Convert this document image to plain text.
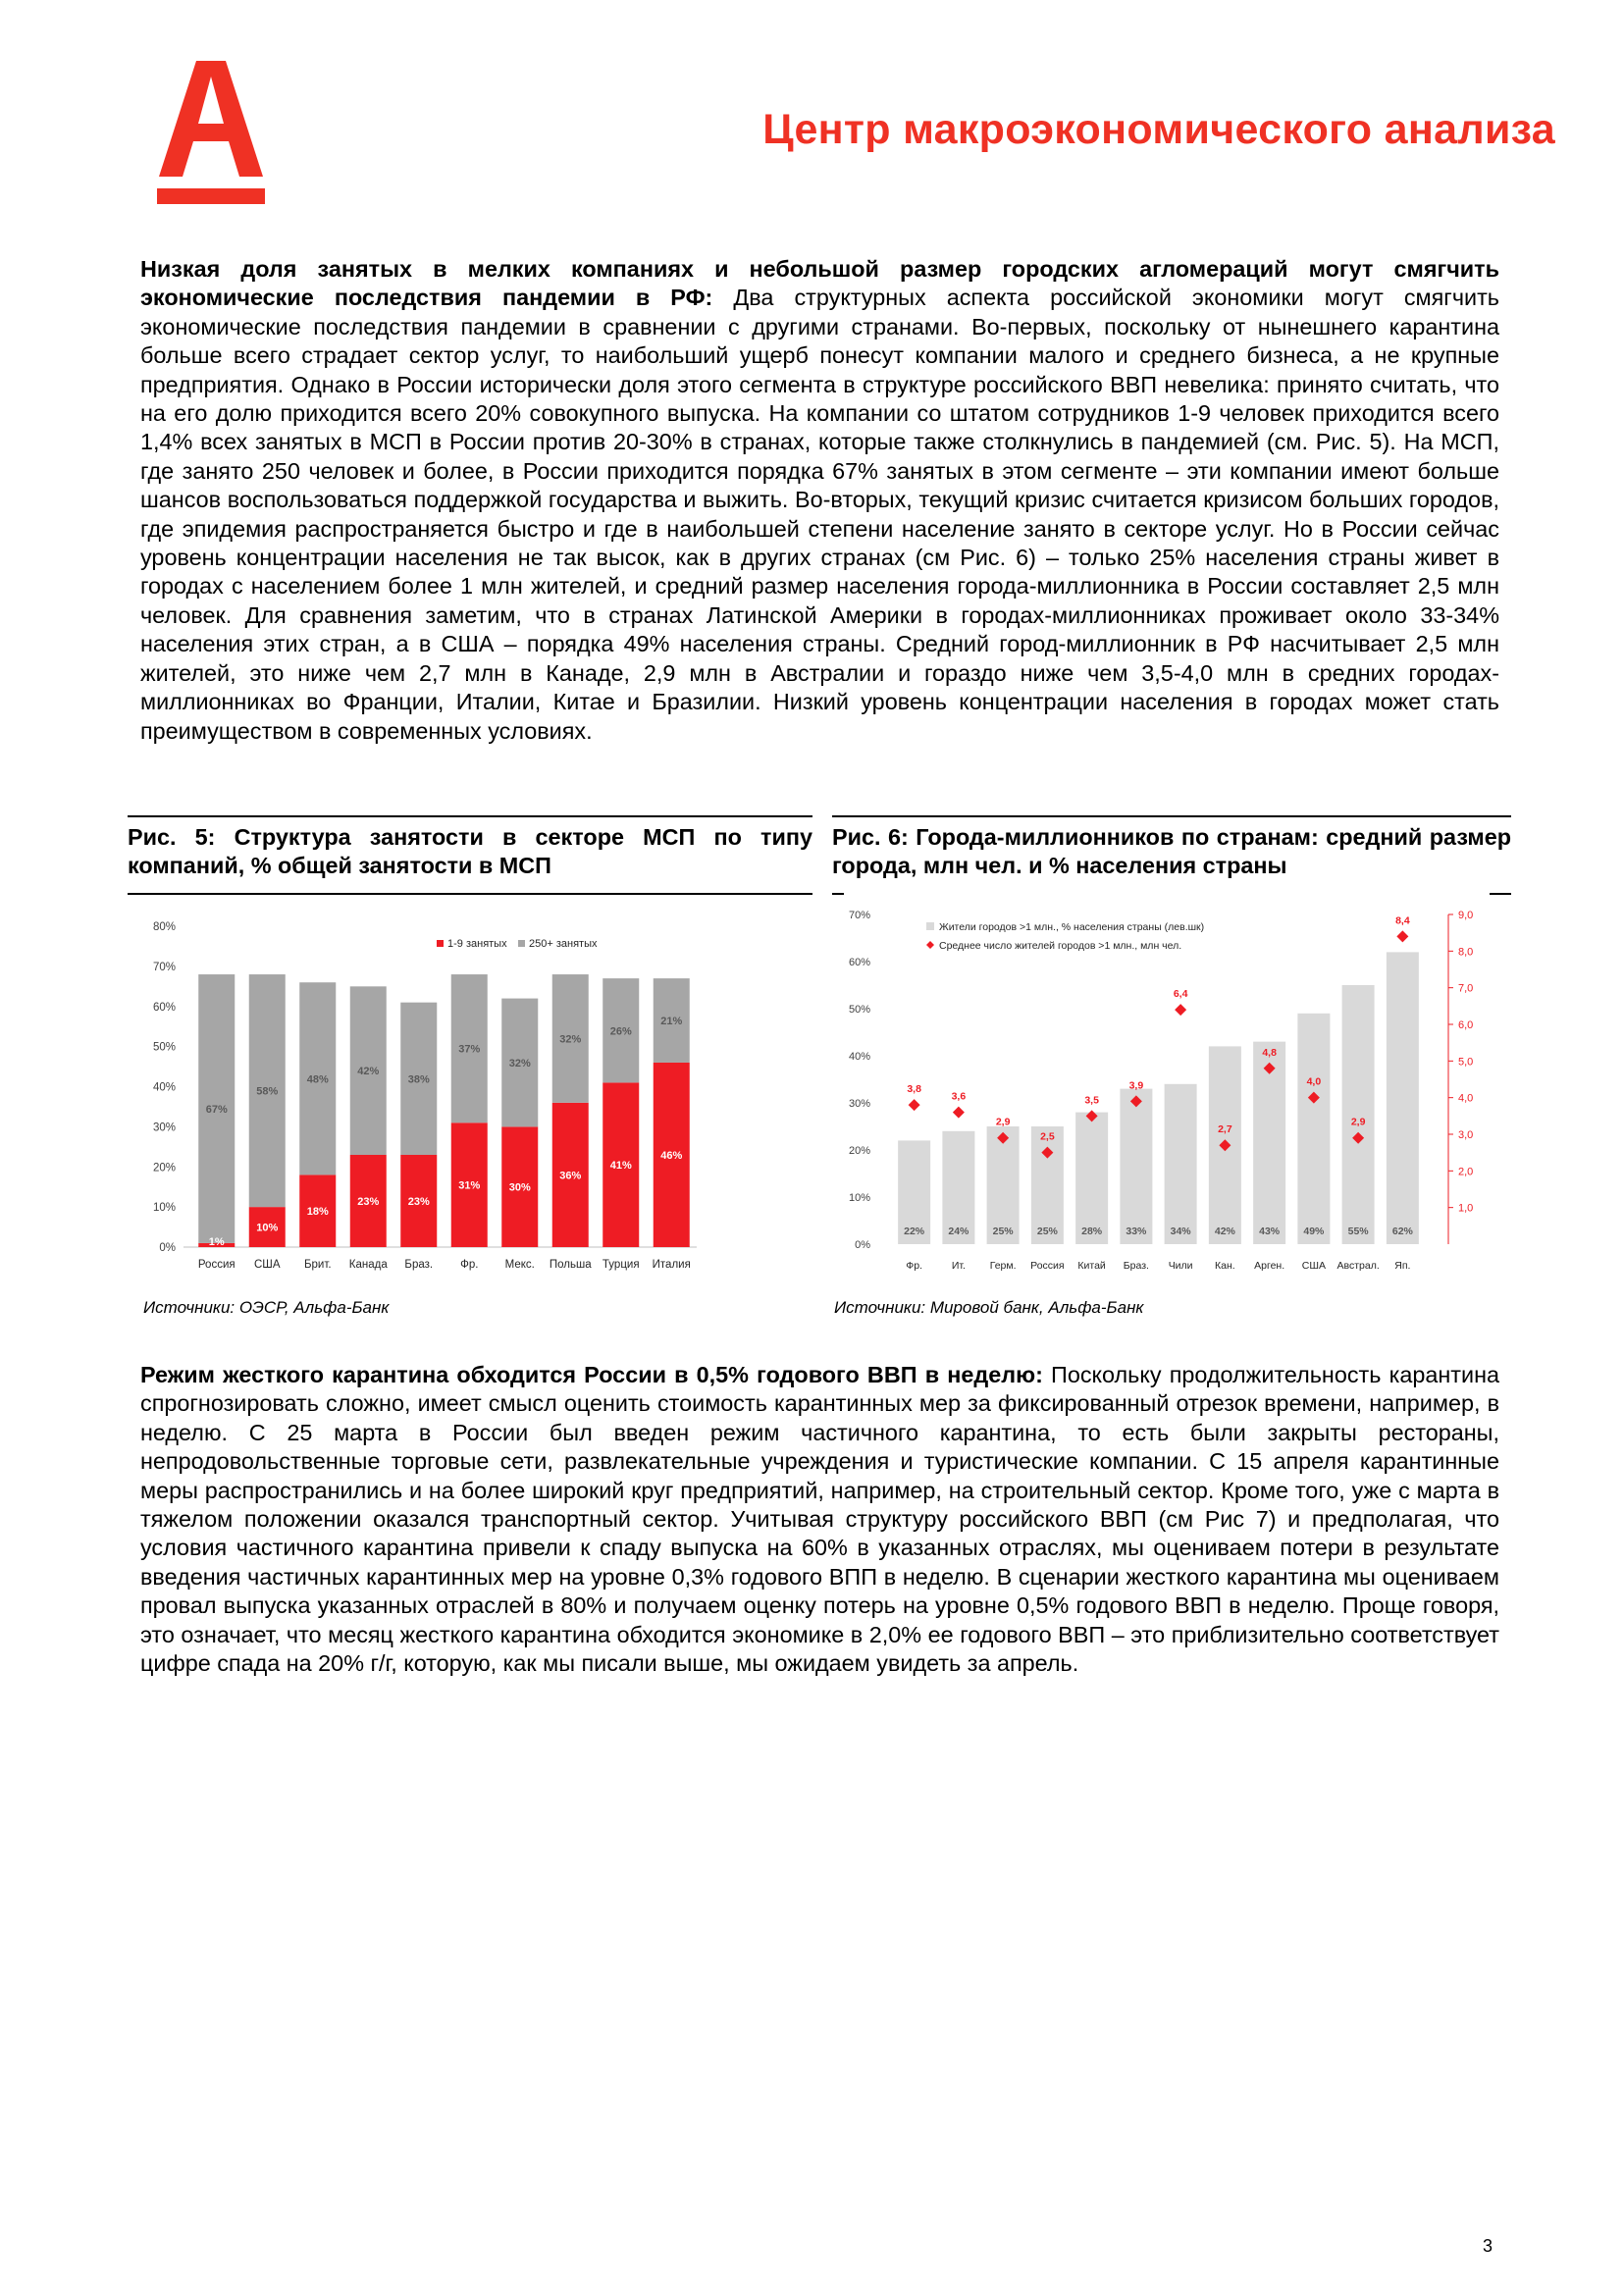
Центр макроэкономического анализа
Низкая доля занятых в мелких компаниях и небольшой размер городских агломераций могут смягчить экономические последствия пандемии в РФ: Два структурных аспекта российской экономики могут смягчить экономические последствия пандемии в сравнении с другими странами. Во-первых, поскольку от нынешнего карантина больше всего страдает сектор услуг, то наибольший ущерб понесут компании малого и среднего бизнеса, а не крупные предприятия. Однако в России исторически доля этого сегмента в структуре российского ВВП невелика: принято считать, что на его долю приходится всего 20% совокупного выпуска. На компании со штатом сотрудников 1-9 человек приходится всего 1,4% всех занятых в МСП в России против 20-30% в странах, которые также столкнулись в пандемией (см. Рис. 5). На МСП, где занято 250 человек и более, в России приходится порядка 67% занятых в этом сегменте – эти компании имеют больше шансов воспользоваться поддержкой государства и выжить. Во-вторых, текущий кризис считается кризисом больших городов, где эпидемия распространяется быстро и где в наибольшей степени население занято в секторе услуг. Но в России сейчас уровень концентрации населения не так высок, как в других странах (см Рис. 6) – только 25% населения страны живет в городах с населением более 1 млн жителей, и средний размер населения города-миллионника в России составляет 2,5 млн человек. Для сравнения заметим, что в странах Латинской Америки в городах-миллионниках проживает около 33-34% населения этих стран, а в США – порядка 49% населения страны. Средний город-миллионник в РФ насчитывает 2,5 млн жителей, это ниже чем 2,7 млн в Канаде, 2,9 млн в Австралии и гораздо ниже чем 3,5-4,0 млн в средних городах-миллионниках во Франции, Италии, Китае и Бразилии. Низкий уровень концентрации населения в городах может стать преимуществом в современных условиях.
Рис. 5: Структура занятости в секторе МСП по типу компаний, % общей занятости в МСП
Рис. 6: Города-миллионников по странам: средний размер города, млн чел. и % населения страны
0%
10%
20%
30%
40%
50%
60%
70%
80%
1%
67%
Россия
10%
58%
США
18%
48%
Брит.
23%
42%
Канада
23%
38%
Браз.
31%
37%
Фр.
30%
32%
Мекс.
36%
32%
Польша
41%
26%
Турция
46%
21%
Италия
1-9 занятых 250+ занятых
0%
10%
20%
30%
40%
50%
60%
70%
1,0
2,0
3,0
4,0
5,0
6,0
7,0
8,0
9,0
22%
3,8
Фр.
24%
3,6
Ит.
25%
2,9
Герм.
25%
2,5
Россия
28%
3,5
Китай
33%
3,9
Браз.
34%
6,4
Чили
42%
2,7
Кан.
43%
4,8
Арген.
49%
4,0
США
55%
2,9
Австрал.
62%
8,4
Яп.
Жители городов >1 млн., % населения страны (лев.шк)
Среднее число жителей городов >1 млн., млн чел.
Источники: ОЭСР, Альфа-Банк	Источники: Мировой банк, Альфа-Банк
Режим жесткого карантина обходится России в 0,5% годового ВВП в неделю: Поскольку продолжительность карантина спрогнозировать сложно, имеет смысл оценить стоимость карантинных мер за фиксированный отрезок времени, например, в неделю. С 25 марта в России был введен режим частичного карантина, то есть были закрыты рестораны, непродовольственные торговые сети, развлекательные учреждения и туристические компании. С 15 апреля карантинные меры распространились и на более широкий круг предприятий, например, на строительный сектор. Кроме того, уже с марта в тяжелом положении оказался транспортный сектор. Учитывая структуру российского ВВП (см Рис 7) и предполагая, что условия частичного карантина привели к спаду выпуска на 60% в указанных отраслях, мы оцениваем потери в результате введения частичных карантинных мер на уровне 0,3% годового ВПП в неделю. В сценарии жесткого карантина мы оцениваем провал выпуска указанных отраслей в 80% и получаем оценку потерь на уровне 0,5% годового ВВП в неделю. Проще говоря, это означает, что месяц жесткого карантина обходится экономике в 2,0% ее годового ВВП – это приблизительно соответствует цифре спада на 20% г/г, которую, как мы писали выше, мы ожидаем увидеть за апрель.
3
